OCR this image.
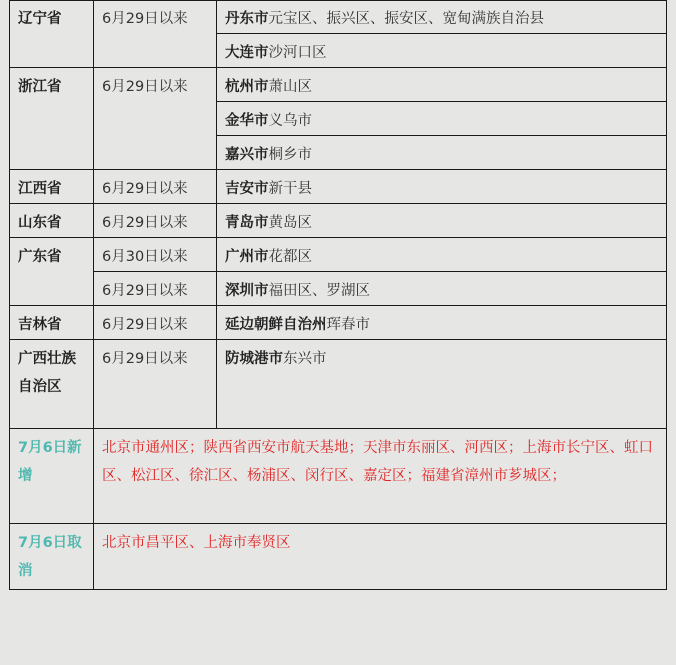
辽宁省	6月29日以来	丹东市元宝区、振兴区、振安区、宽甸满族自治县
		大连市沙河口区
浙江省	6月29日以来	杭州市萧山区
		金华市义乌市
		嘉兴市桐乡市
江西省	6月29日以来	吉安市新干县
山东省	6月29日以来	青岛市黄岛区
广东省	6月30日以来	广州市花都区
	6月29日以来	深圳市福田区、罗湖区
吉林省	6月29日以来	延边朝鲜自治州珲春市
广西壮族自治区	6月29日以来	防城港市东兴市
7月6日新增	北京市通州区；陕西省西安市航天基地；天津市东丽区、河西区；上海市长宁区、虹口区、松江区、徐汇区、杨浦区、闵行区、嘉定区；福建省漳州市芗城区；	
7月6日取消	北京市昌平区、上海市奉贤区	
